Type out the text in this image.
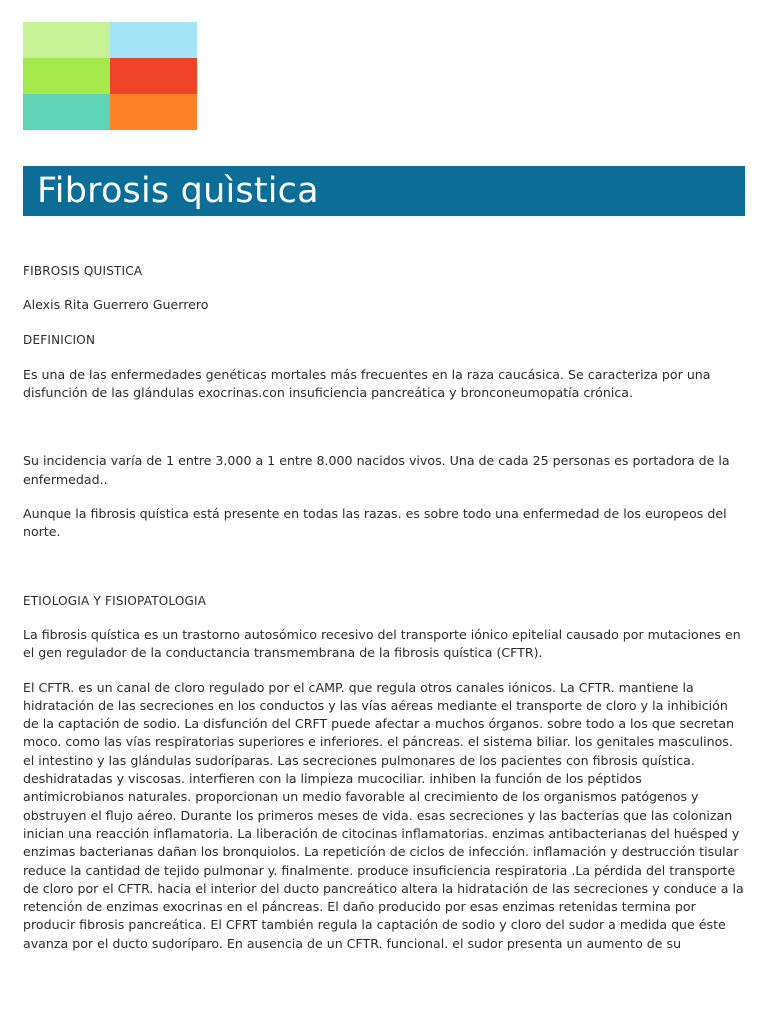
Fibrosis quìstica

FIBROSIS QUISTICA

Alexis Rita Guerrero Guerrero

DEFINICION

Es una de las enfermedades genéticas mortales más frecuentes en la raza caucásica. Se caracteriza por una disfunción de las glándulas exocrinas.con insuficiencia pancreática y bronconeumopatía crónica.

Su incidencia varía de 1 entre 3.000 a 1 entre 8.000 nacidos vivos. Una de cada 25 personas es portadora de la enfermedad..

Aunque la fibrosis quística está presente en todas las razas. es sobre todo una enfermedad de los europeos del norte.

ETIOLOGIA Y FISIOPATOLOGIA

La fibrosis quística es un trastorno autosómico recesivo del transporte iónico epitelial causado por mutaciones en el gen regulador de la conductancia transmembrana de la fibrosis quística (CFTR).

El CFTR. es un canal de cloro regulado por el cAMP. que regula otros canales iónicos. La CFTR. mantiene la hidratación de las secreciones en los conductos y las vías aéreas mediante el transporte de cloro y la inhibición de la captación de sodio. La disfunción del CRFT puede afectar a muchos órganos. sobre todo a los que secretan moco. como las vías respiratorias superiores e inferiores. el páncreas. el sistema biliar. los genitales masculinos. el intestino y las glándulas sudoríparas. Las secreciones pulmonares de los pacientes con fibrosis quística. deshidratadas y viscosas. interfieren con la limpieza mucociliar. inhiben la función de los péptidos antimicrobianos naturales. proporcionan un medio favorable al crecimiento de los organismos patógenos y obstruyen el flujo aéreo. Durante los primeros meses de vida. esas secreciones y las bacterias que las colonizan inician una reacción inflamatoria. La liberación de citocinas inflamatorias. enzimas antibacterianas del huésped y enzimas bacterianas dañan los bronquiolos. La repetición de ciclos de infección. inflamación y destrucción tisular reduce la cantidad de tejido pulmonar y. finalmente. produce insuficiencia respiratoria .La pérdida del transporte de cloro por el CFTR. hacia el interior del ducto pancreático altera la hidratación de las secreciones y conduce a la retención de enzimas exocrinas en el páncreas. El daño producido por esas enzimas retenidas termina por producir fibrosis pancreática. El CFRT también regula la captación de sodio y cloro del sudor a medida que éste avanza por el ducto sudoríparo. En ausencia de un CFTR. funcional. el sudor presenta un aumento de su
